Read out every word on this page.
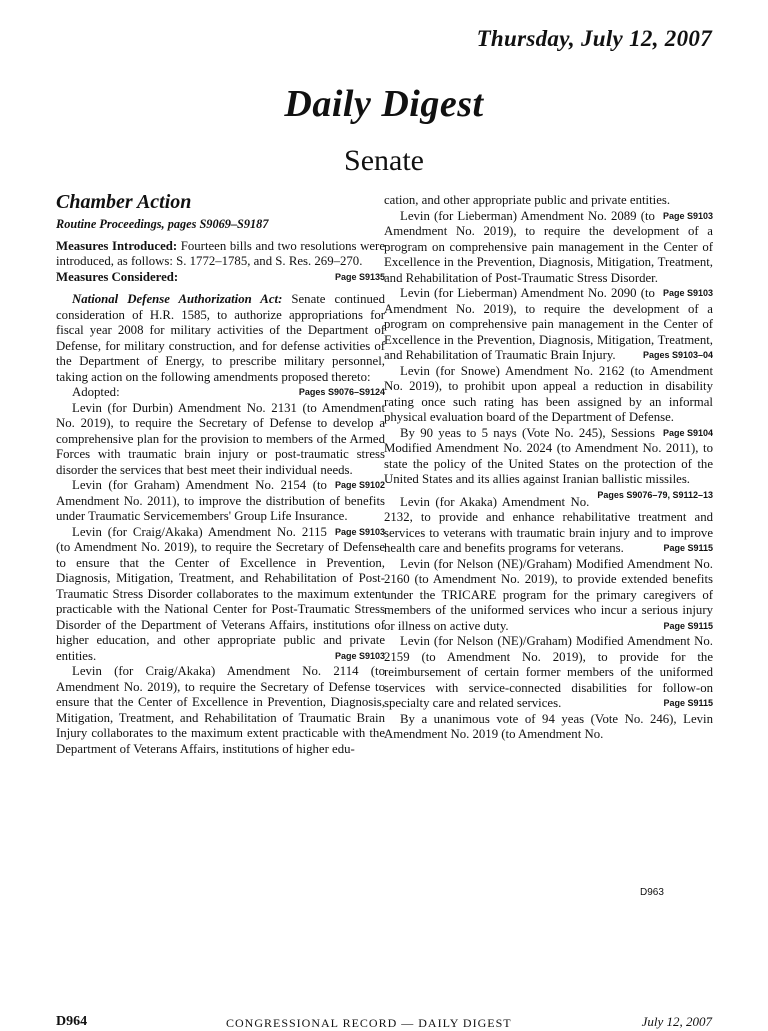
Thursday, July 12, 2007
Daily Digest
Senate

Chamber Action

Routine Proceedings, pages S9069–S9187

Measures Introduced: Fourteen bills and two resolutions were introduced, as follows: S. 1772–1785, and S. Res. 269–270.
Page S9135

Measures Considered:

National Defense Authorization Act: Senate continued consideration of H.R. 1585, to authorize appropriations for fiscal year 2008 for military activities of the Department of Defense, for military construction, and for defense activities of the Department of Energy, to prescribe military personnel, taking action on the following amendments proposed thereto:
Pages S9076–S9124

Adopted:

Levin (for Durbin) Amendment No. 2131 (to Amendment No. 2019), to require the Secretary of Defense to develop a comprehensive plan for the provision to members of the Armed Forces with traumatic brain injury or post-traumatic stress disorder the services that best meet their individual needs.
Page S9102

Levin (for Graham) Amendment No. 2154 (to Amendment No. 2011), to improve the distribution of benefits under Traumatic Servicemembers' Group Life Insurance.
Page S9103

Levin (for Craig/Akaka) Amendment No. 2115 (to Amendment No. 2019), to require the Secretary of Defense to ensure that the Center of Excellence in Prevention, Diagnosis, Mitigation, Treatment, and Rehabilitation of Post-Traumatic Stress Disorder collaborates to the maximum extent practicable with the National Center for Post-Traumatic Stress Disorder of the Department of Veterans Affairs, institutions of higher education, and other appropriate public and private entities.	Page S9103

Levin (for Craig/Akaka) Amendment No. 2114 (to Amendment No. 2019), to require the Secretary of Defense to ensure that the Center of Excellence in Prevention, Diagnosis, Mitigation, Treatment, and Rehabilitation of Traumatic Brain Injury collaborates to the maximum extent practicable with the Department of Veterans Affairs, institutions of higher edu-

cation, and other appropriate public and private entities.
Page S9103

Levin (for Lieberman) Amendment No. 2089 (to Amendment No. 2019), to require the development of a program on comprehensive pain management in the Center of Excellence in the Prevention, Diagnosis, Mitigation, Treatment, and Rehabilitation of Post-Traumatic Stress Disorder.
Page S9103

Levin (for Lieberman) Amendment No. 2090 (to Amendment No. 2019), to require the development of a program on comprehensive pain management in the Center of Excellence in the Prevention, Diagnosis, Mitigation, Treatment, and Rehabilitation of Traumatic Brain Injury.	Pages S9103–04

Levin (for Snowe) Amendment No. 2162 (to Amendment No. 2019), to prohibit upon appeal a reduction in disability rating once such rating has been assigned by an informal physical evaluation board of the Department of Defense.
Page S9104

By 90 yeas to 5 nays (Vote No. 245), Sessions Modified Amendment No. 2024 (to Amendment No. 2011), to state the policy of the United States on the protection of the United States and its allies against Iranian ballistic missiles.
Pages S9076–79, S9112–13

Levin (for Akaka) Amendment No. 2132, to provide and enhance rehabilitative treatment and services to veterans with traumatic brain injury and to improve health care and benefits programs for veterans.	Page S9115

Levin (for Nelson (NE)/Graham) Modified Amendment No. 2160 (to Amendment No. 2019), to provide extended benefits under the TRICARE program for the primary caregivers of members of the uniformed services who incur a serious injury or illness on active duty.	Page S9115

Levin (for Nelson (NE)/Graham) Modified Amendment No. 2159 (to Amendment No. 2019), to provide for the reimbursement of certain former members of the uniformed services with service-connected disabilities for follow-on specialty care and related services.	Page S9115

By a unanimous vote of 94 yeas (Vote No. 246), Levin Amendment No. 2019 (to Amendment No.

D963
D964	CONGRESSIONAL RECORD — DAILY DIGEST	July 12, 2007
